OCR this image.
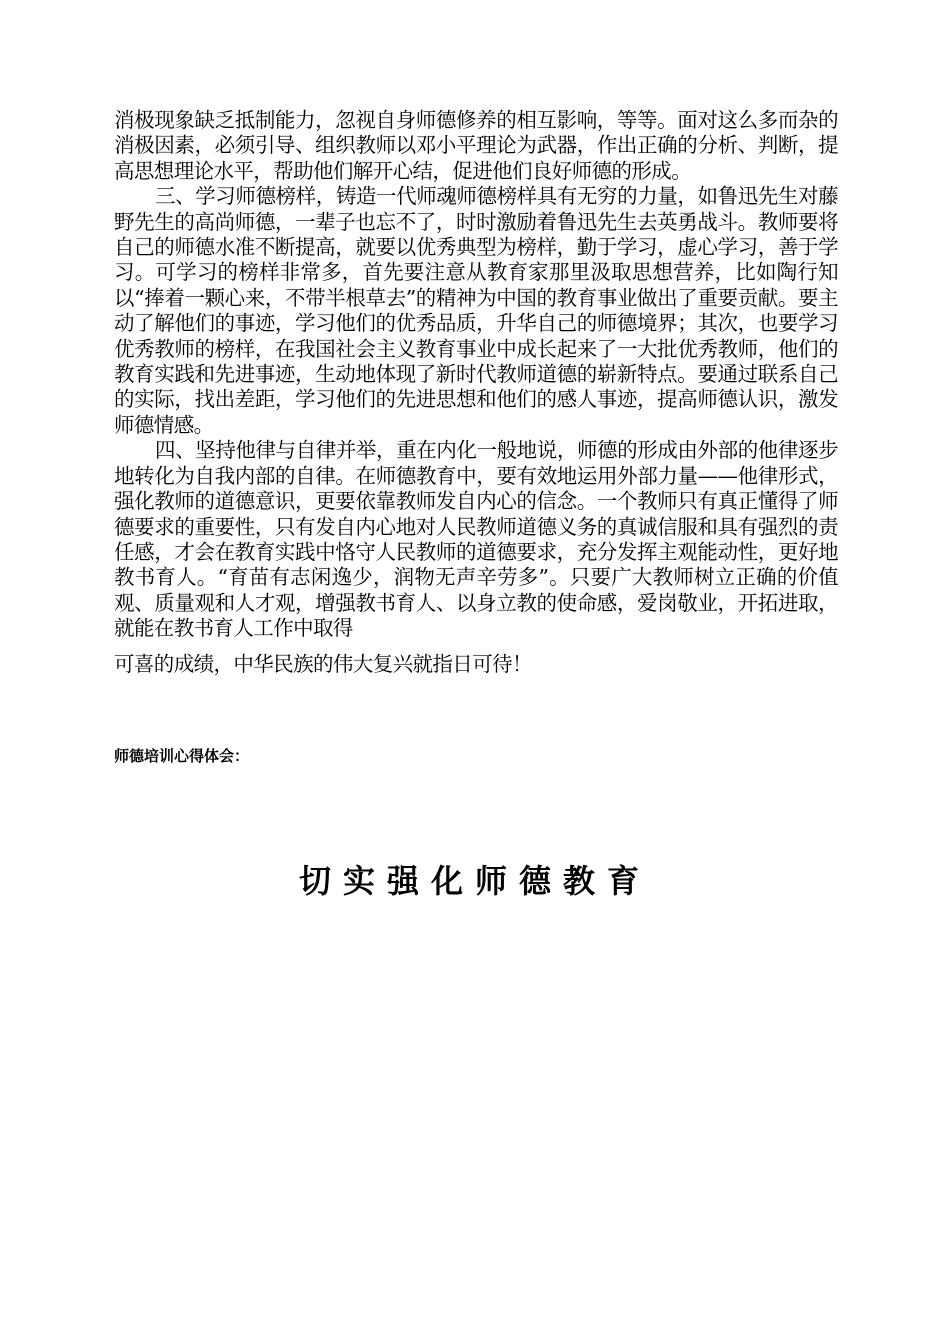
消极现象缺乏抵制能力，忽视自身师德修养的相互影响，等等。面对这么多而杂的消极因素，必须引导、组织教师以邓小平理论为武器，作出正确的分析、判断，提高思想理论水平，帮助他们解开心结，促进他们良好师德的形成。

三、学习师德榜样，铸造一代师魂师德榜样具有无穷的力量，如鲁迅先生对藤野先生的高尚师德，一辈子也忘不了，时时激励着鲁迅先生去英勇战斗。教师要将自己的师德水准不断提高，就要以优秀典型为榜样，勤于学习，虚心学习，善于学习。可学习的榜样非常多，首先要注意从教育家那里汲取思想营养，比如陶行知以“捧着一颗心来，不带半根草去”的精神为中国的教育事业做出了重要贡献。要主动了解他们的事迹，学习他们的优秀品质，升华自己的师德境界；其次，也要学习优秀教师的榜样，在我国社会主义教育事业中成长起来了一大批优秀教师，他们的教育实践和先进事迹，生动地体现了新时代教师道德的崭新特点。要通过联系自己的实际，找出差距，学习他们的先进思想和他们的感人事迹，提高师德认识，激发师德情感。

四、坚持他律与自律并举，重在内化一般地说，师德的形成由外部的他律逐步地转化为自我内部的自律。在师德教育中，要有效地运用外部力量——他律形式，强化教师的道德意识，更要依靠教师发自内心的信念。一个教师只有真正懂得了师德要求的重要性，只有发自内心地对人民教师道德义务的真诚信服和具有强烈的责任感，才会在教育实践中恪守人民教师的道德要求，充分发挥主观能动性，更好地教书育人。“育苗有志闲逸少，润物无声辛劳多”。只要广大教师树立正确的价值观、质量观和人才观，增强教书育人、以身立教的使命感，爱岗敬业，开拓进取，就能在教书育人工作中取得

可喜的成绩，中华民族的伟大复兴就指日可待！

师德培训心得体会：
切实强化师德教育
